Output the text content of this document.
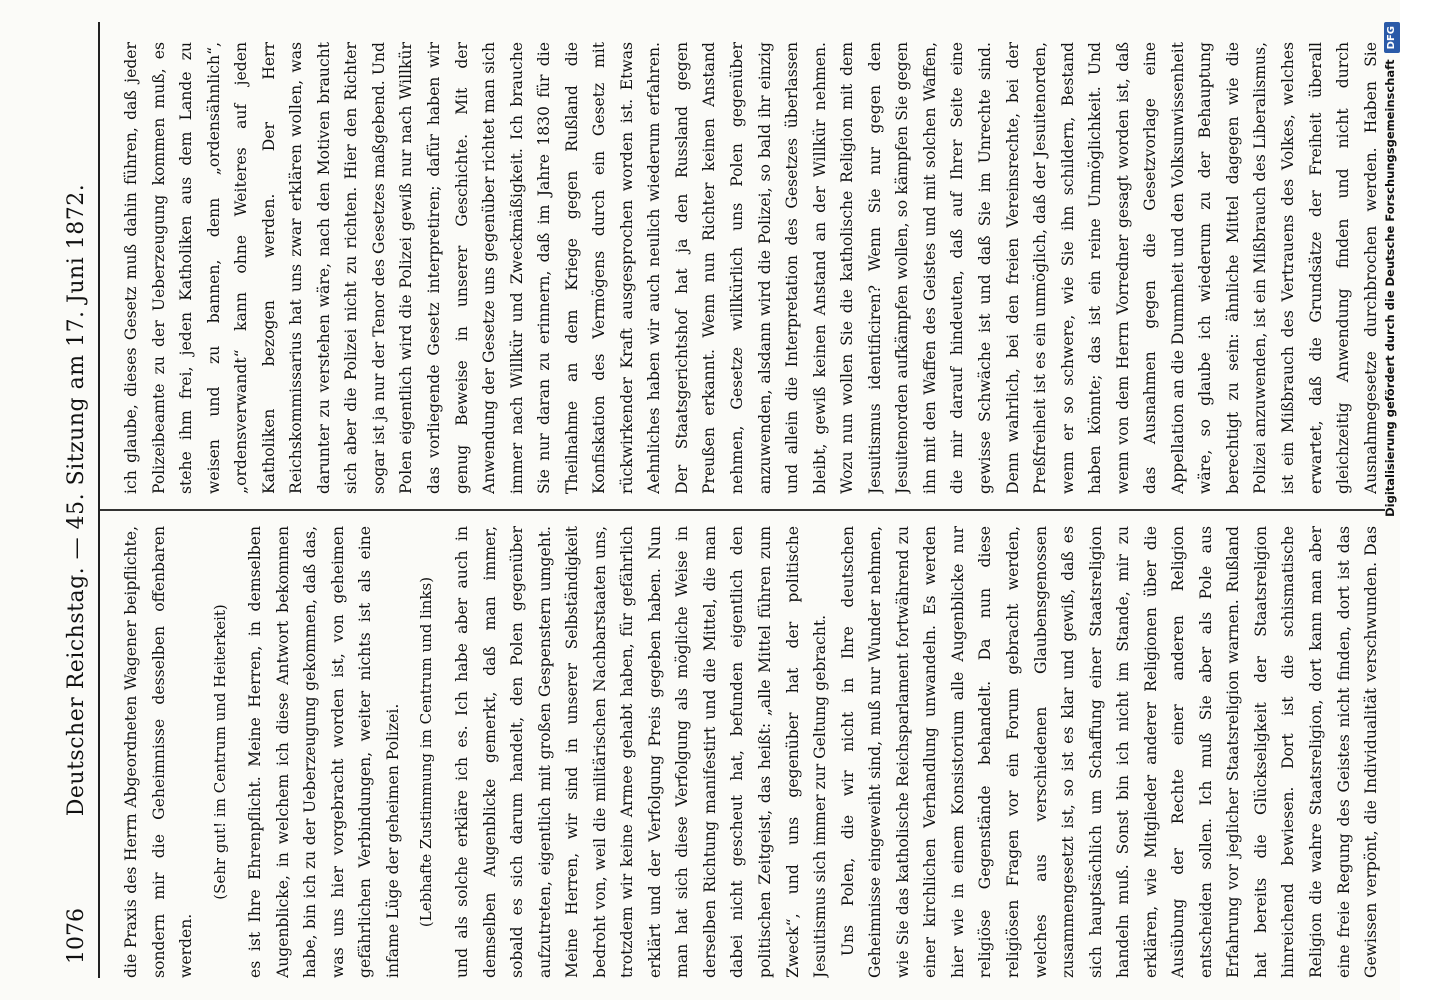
1076
Deutscher Reichstag. — 45. Sitzung am 17. Juni 1872.	die Praxis des Herrn Abgeordneten Wagener beipflichte, sondern mir die Geheimnisse desselben offenbaren werden.

(Sehr gut! im Centrum und Heiterkeit)	es ist Ihre Ehrenpflicht. Meine Herren, in demselben Augenblicke, in welchem ich diese Antwort bekommen habe, bin ich zu der Ueberzeugung gekommen, daß das, was uns hier vorgebracht worden ist, von geheimen gefährlichen Verbindungen, weiter nichts ist als eine infame Lüge der geheimen Polizei.	(Lebhafte Zustimmung im Centrum und links)	und als solche erkläre ich es. Ich habe aber auch in demselben Augenblicke gemerkt, daß man immer, sobald es sich darum handelt, den Polen gegenüber aufzutreten, eigentlich mit großen Gespenstern umgeht. Meine Herren, wir sind in unserer Selbständigkeit bedroht von, weil die militärischen Nachbarstaaten uns, trotzdem wir keine Armee gehabt haben, für gefährlich erklärt und der Verfolgung Preis gegeben haben. Nun man hat sich diese Verfolgung als mögliche Weise in derselben Richtung manifestirt und die Mittel, die man dabei nicht gescheut hat, befunden eigentlich den politischen Zeitgeist, das heißt: „alle Mittel führen zum Zweck“, und uns gegenüber hat der politische Jesuitismus sich immer zur Geltung gebracht. Uns Polen, die wir nicht in Ihre deutschen Geheimnisse eingeweiht sind, muß nur Wunder nehmen, wie Sie das katholische Reichsparlament fortwährend zu einer kirchlichen Verhandlung unwandeln. Es werden hier wie in einem Konsistorium alle Augenblicke nur religiöse Gegenstände behandelt. Da nun diese religiösen Fragen vor ein Forum gebracht werden, welches aus verschiedenen Glaubensgenossen zusammengesetzt ist, so ist es klar und gewiß, daß es sich hauptsächlich um Schaffung einer Staatsreligion handeln muß. Sonst bin ich nicht im Stande, mir zu erklären, wie Mitglieder anderer Religionen über die Ausübung der Rechte einer anderen Religion entscheiden sollen. Ich muß Sie aber als Pole aus Erfahrung vor jeglicher Staatsreligion warnen. Rußland hat bereits die Glückseligkeit der Staatsreligion hinreichend bewiesen. Dort ist die schismatische Religion die wahre Staatsreligion, dort kann man aber eine freie Regung des Geistes nicht finden, dort ist das Gewissen verpönt, die Individualität verschwunden. Das

ich glaube, dieses Gesetz muß dahin führen, daß jeder Polizeibeamte zu der Ueberzeugung kommen muß, es stehe ihm frei, jeden Katholiken aus dem Lande zu weisen und zu bannen, denn „ordensähnlich“, „ordensverwandt“ kann ohne Weiteres auf jeden Katholiken bezogen werden. Der Herr Reichskommissarius hat uns zwar erklären wollen, was darunter zu verstehen wäre, nach den Motiven braucht sich aber die Polizei nicht zu richten. Hier den Richter sogar ist ja nur der Tenor des Gesetzes maßgebend. Und Polen eigentlich wird die Polizei gewiß nur nach Willkür das vorliegende Gesetz interpretiren; dafür haben wir genug Beweise in unserer Geschichte. Mit der Anwendung der Gesetze uns gegenüber richtet man sich immer nach Willkür und Zweckmäßigkeit. Ich brauche Sie nur daran zu erinnern, daß im Jahre 1830 für die Theilnahme an dem Kriege gegen Rußland die Konfiskation des Vermögens durch ein Gesetz mit rückwirkender Kraft ausgesprochen worden ist. Etwas Aehnliches haben wir auch neulich wiederum erfahren. Der Staatsgerichtshof hat ja den Russland gegen Preußen erkannt. Wenn nun Richter keinen Anstand nehmen, Gesetze willkürlich uns Polen gegenüber anzuwenden, alsdann wird die Polizei, so bald ihr einzig und allein die Interpretation des Gesetzes überlassen bleibt, gewiß keinen Anstand an der Willkür nehmen. Wozu nun wollen Sie die katholische Religion mit dem Jesuitismus identificiren? Wenn Sie nur gegen den Jesuitenorden aufkämpfen wollen, so kämpfen Sie gegen ihn mit den Waffen des Geistes und mit solchen Waffen, die mir darauf hindeuten, daß auf Ihrer Seite eine gewisse Schwäche ist und daß Sie im Unrechte sind. Denn wahrlich, bei den freien Vereinsrechte, bei der Preßfreiheit ist es ein unmöglich, daß der Jesuitenorden, wenn er so schwere, wie Sie ihn schildern, Bestand haben könnte; das ist ein reine Unmöglichkeit. Und wenn von dem Herrn Vorredner gesagt worden ist, daß das Ausnahmen gegen die Gesetzvorlage eine Appellation an die Dummheit und den Volksunwissenheit wäre, so glaube ich wiederum zu der Behauptung berechtigt zu sein: ähnliche Mittel dagegen wie die Polizei anzuwenden, ist ein Mißbrauch des Liberalismus, ist ein Mißbrauch des Vertrauens des Volkes, welches erwartet, daß die Grundsätze der Freiheit überall gleichzeitig Anwendung finden und nicht durch Ausnahmegesetze durchbrochen werden. Haben Sie

Digitalisierung gefördert durch die Deutsche ForschungsgemeinschaftDFG
